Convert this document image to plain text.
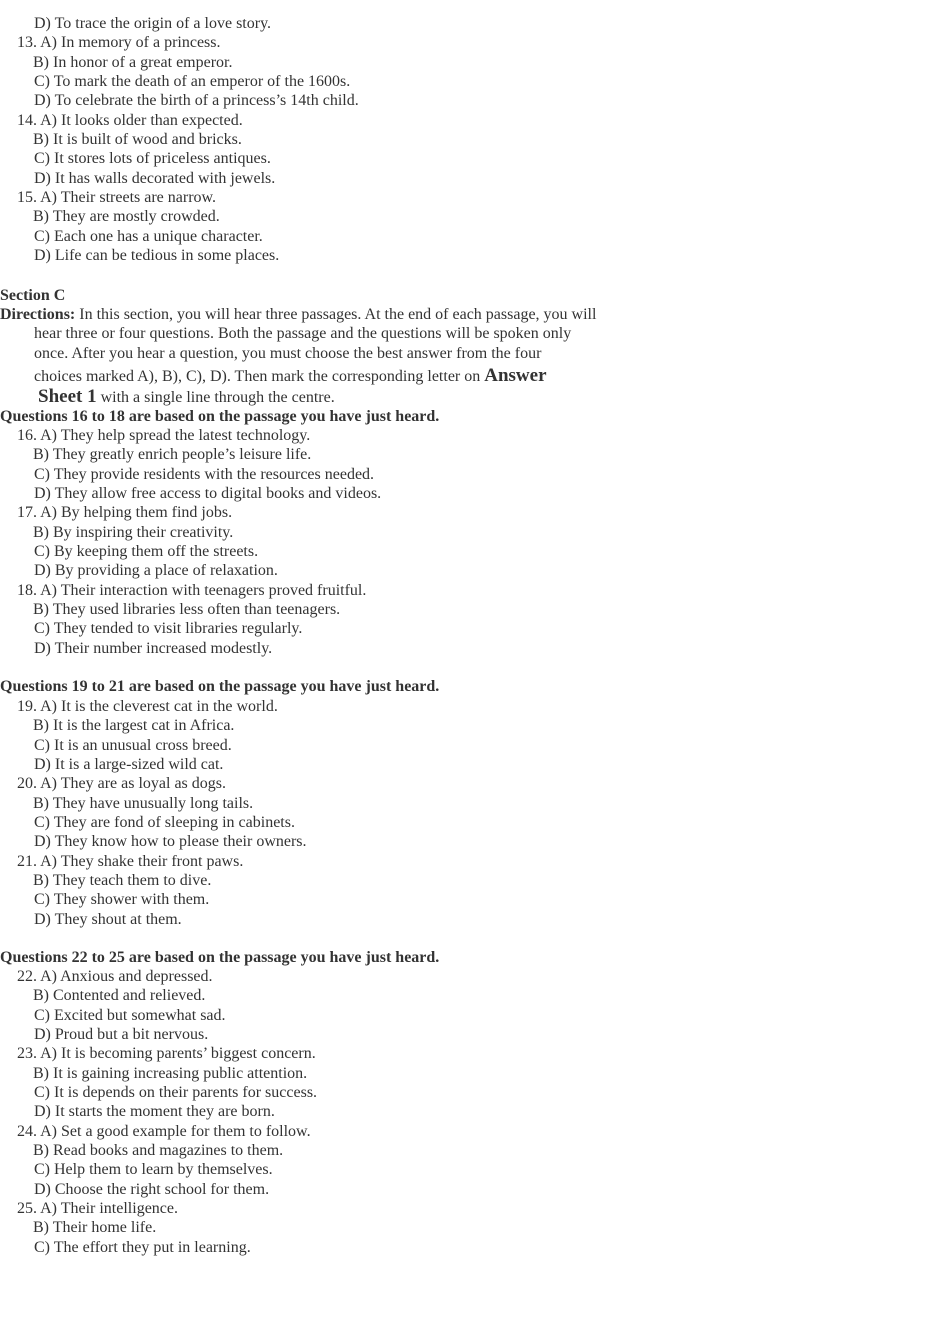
D) To trace the origin of a love story.
13. A) In memory of a princess.
B) In honor of a great emperor.
C) To mark the death of an emperor of the 1600s.
D) To celebrate the birth of a princess’s 14th child.
14. A) It looks older than expected.
B) It is built of wood and bricks.
C) It stores lots of priceless antiques.
D) It has walls decorated with jewels.
15. A) Their streets are narrow.
B) They are mostly crowded.
C) Each one has a unique character.
D) Life can be tedious in some places.
Section C
Directions: In this section, you will hear three passages. At the end of each passage, you will
hear three or four questions. Both the passage and the questions will be spoken only
once. After you hear a question, you must choose the best answer from the four
choices marked A), B), C), D). Then mark the corresponding letter on Answer
Sheet 1 with a single line through the centre.
Questions 16 to 18 are based on the passage you have just heard.
16. A) They help spread the latest technology.
B) They greatly enrich people’s leisure life.
C) They provide residents with the resources needed.
D) They allow free access to digital books and videos.
17. A) By helping them find jobs.
B) By inspiring their creativity.
C) By keeping them off the streets.
D) By providing a place of relaxation.
18. A) Their interaction with teenagers proved fruitful.
B) They used libraries less often than teenagers.
C) They tended to visit libraries regularly.
D) Their number increased modestly.
Questions 19 to 21 are based on the passage you have just heard.
19. A) It is the cleverest cat in the world.
B) It is the largest cat in Africa.
C) It is an unusual cross breed.
D) It is a large-sized wild cat.
20. A) They are as loyal as dogs.
B) They have unusually long tails.
C) They are fond of sleeping in cabinets.
D) They know how to please their owners.
21. A) They shake their front paws.
B) They teach them to dive.
C) They shower with them.
D) They shout at them.
Questions 22 to 25 are based on the passage you have just heard.
22. A) Anxious and depressed.
B) Contented and relieved.
C) Excited but somewhat sad.
D) Proud but a bit nervous.
23. A) It is becoming parents’ biggest concern.
B) It is gaining increasing public attention.
C) It is depends on their parents for success.
D) It starts the moment they are born.
24. A) Set a good example for them to follow.
B) Read books and magazines to them.
C) Help them to learn by themselves.
D) Choose the right school for them.
25. A) Their intelligence.
B) Their home life.
C) The effort they put in learning.
